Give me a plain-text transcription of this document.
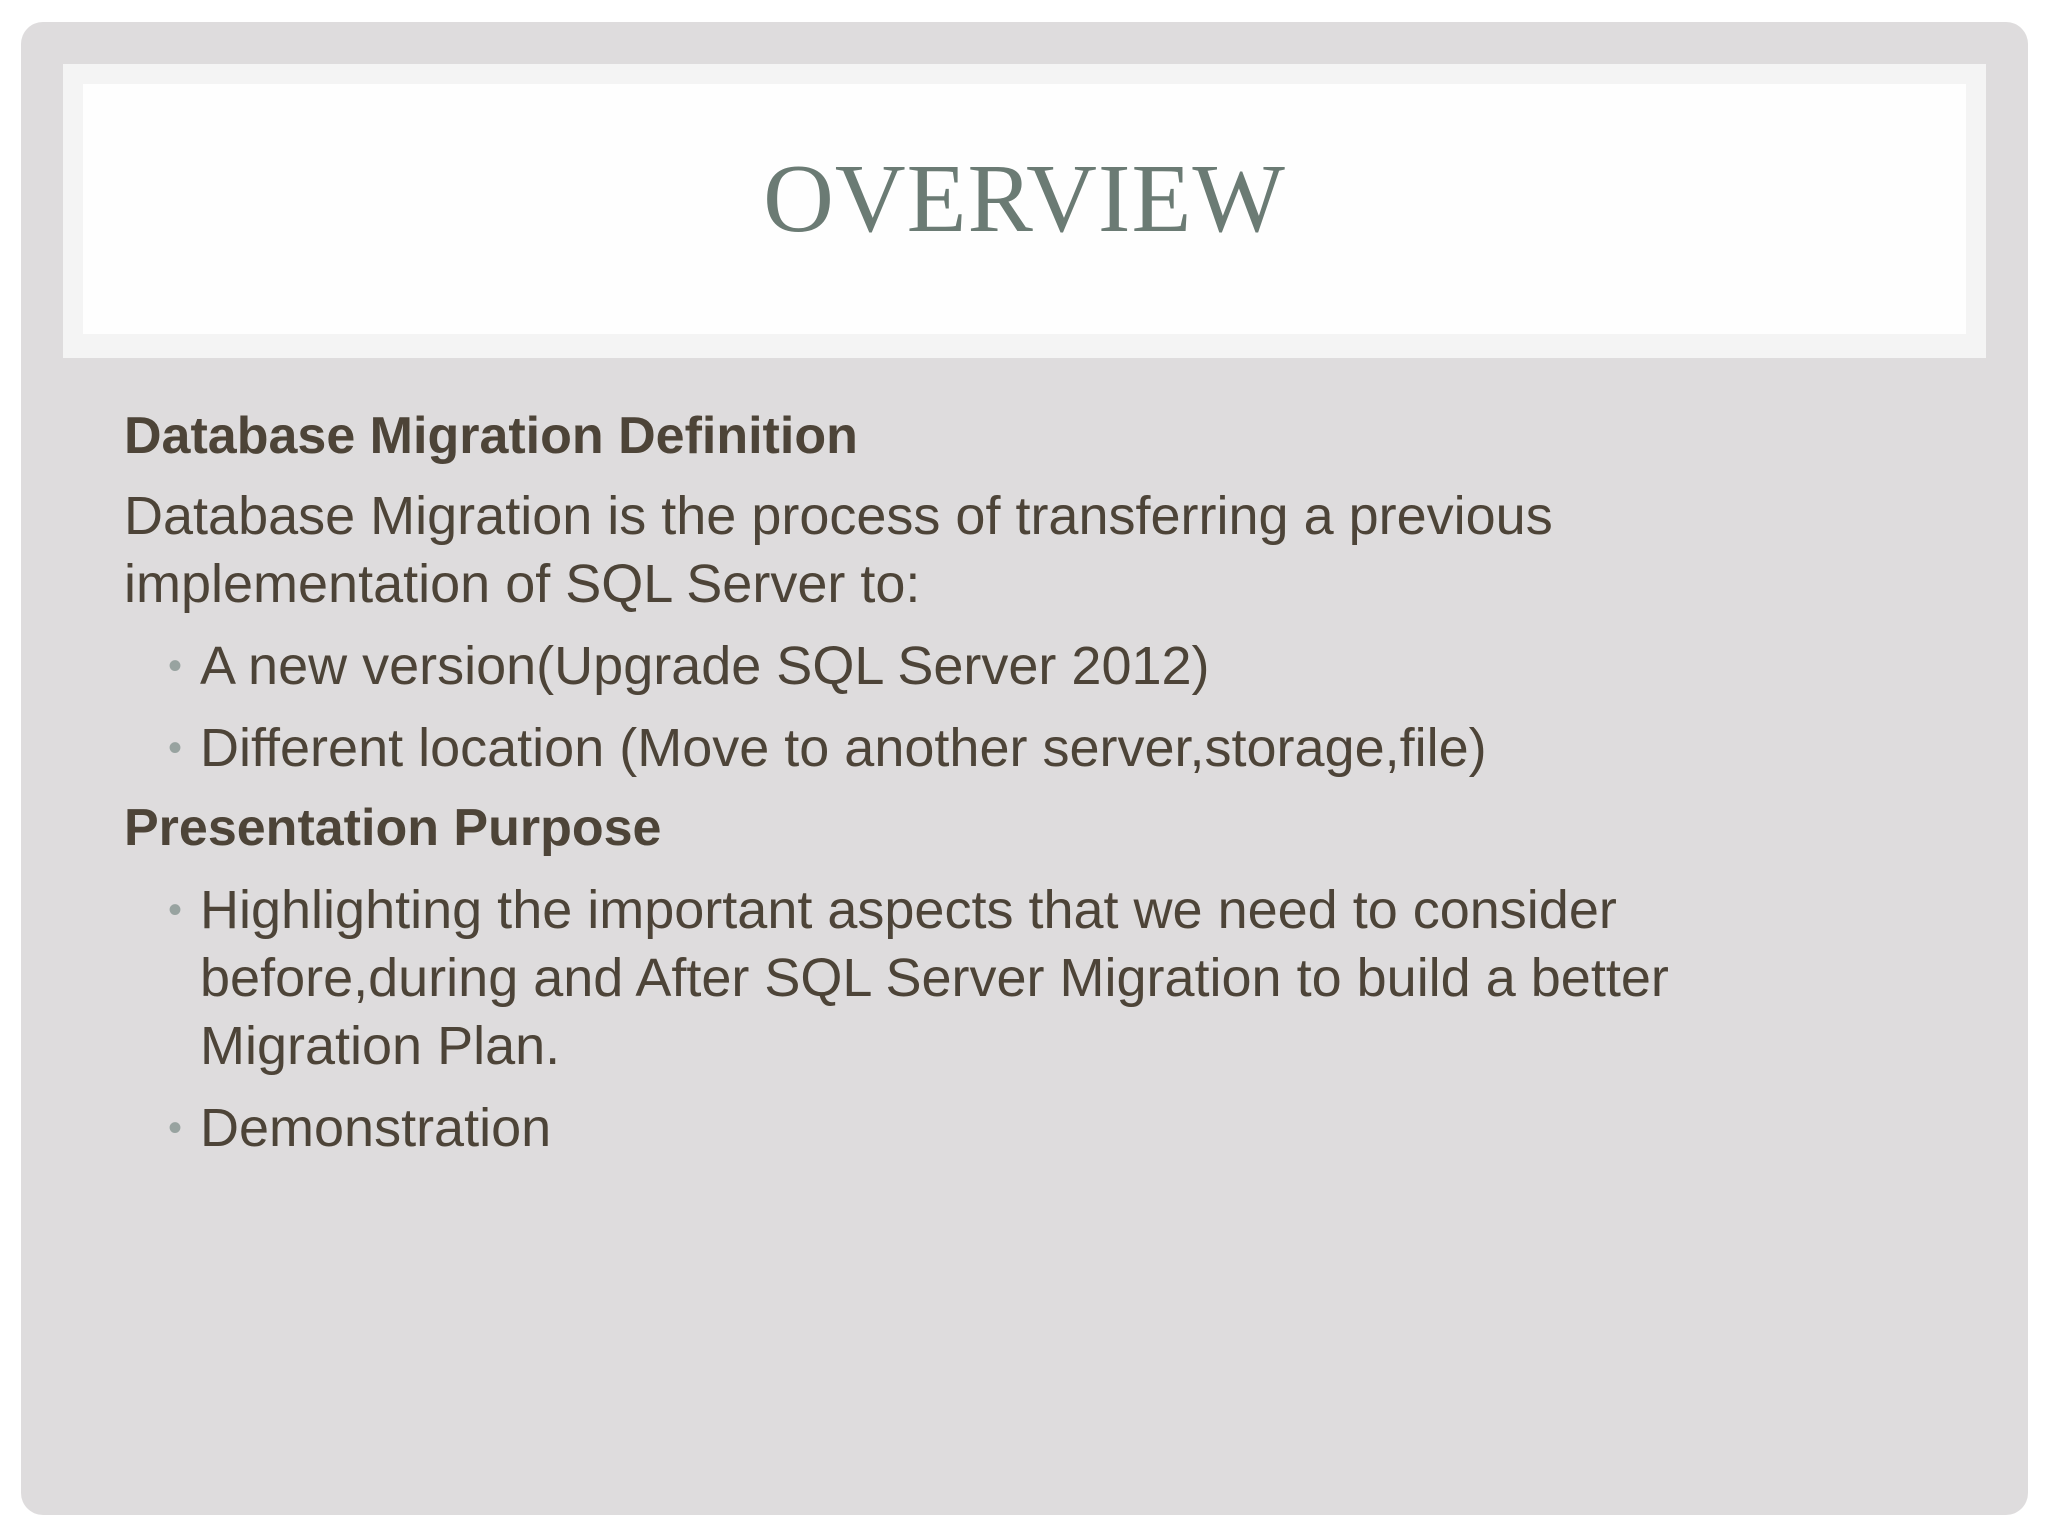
OVERVIEW

Database Migration Definition

Database Migration is the process of transferring a previous
implementation of SQL Server to:

• A new version(Upgrade SQL Server 2012)
• Different location (Move to another server,storage,file)

Presentation Purpose

• Highlighting the important aspects that we need to consider
before,during and After SQL Server Migration to build a better
Migration Plan.
• Demonstration
